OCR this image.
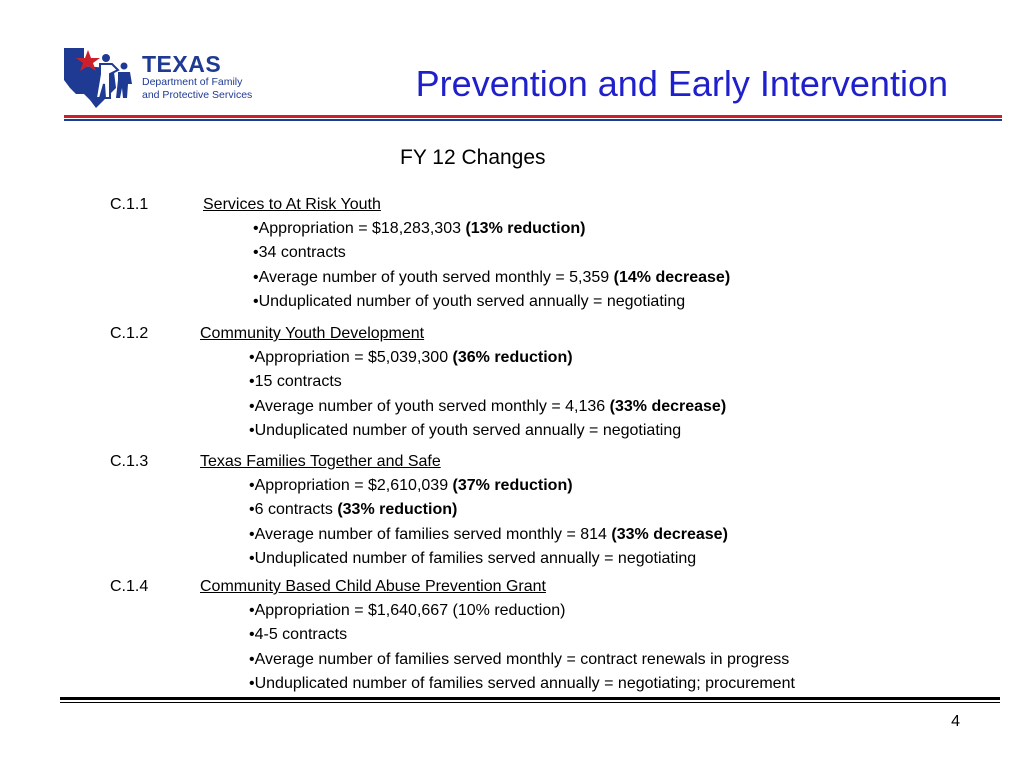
TEXAS
Department of Family
and Protective Services	Prevention and Early Intervention
FY 12 Changes
C.1.1	Services to At Risk Youth
•Appropriation = $18,283,303 (13% reduction)
•34 contracts
•Average number of youth served monthly = 5,359 (14% decrease)
•Unduplicated number of youth served annually = negotiating
C.1.2	Community Youth Development
•Appropriation = $5,039,300 (36% reduction)
•15 contracts
•Average number of youth served monthly = 4,136 (33% decrease)
•Unduplicated number of youth served annually = negotiating
C.1.3	Texas Families Together and Safe
•Appropriation = $2,610,039 (37% reduction)
•6 contracts (33% reduction)
•Average number of families served monthly = 814 (33% decrease)
•Unduplicated number of families served annually = negotiating
C.1.4	Community Based Child Abuse Prevention Grant
•Appropriation = $1,640,667 (10% reduction)
•4-5 contracts
•Average number of families served monthly = contract renewals in progress
•Unduplicated number of families served annually = negotiating; procurement
4
